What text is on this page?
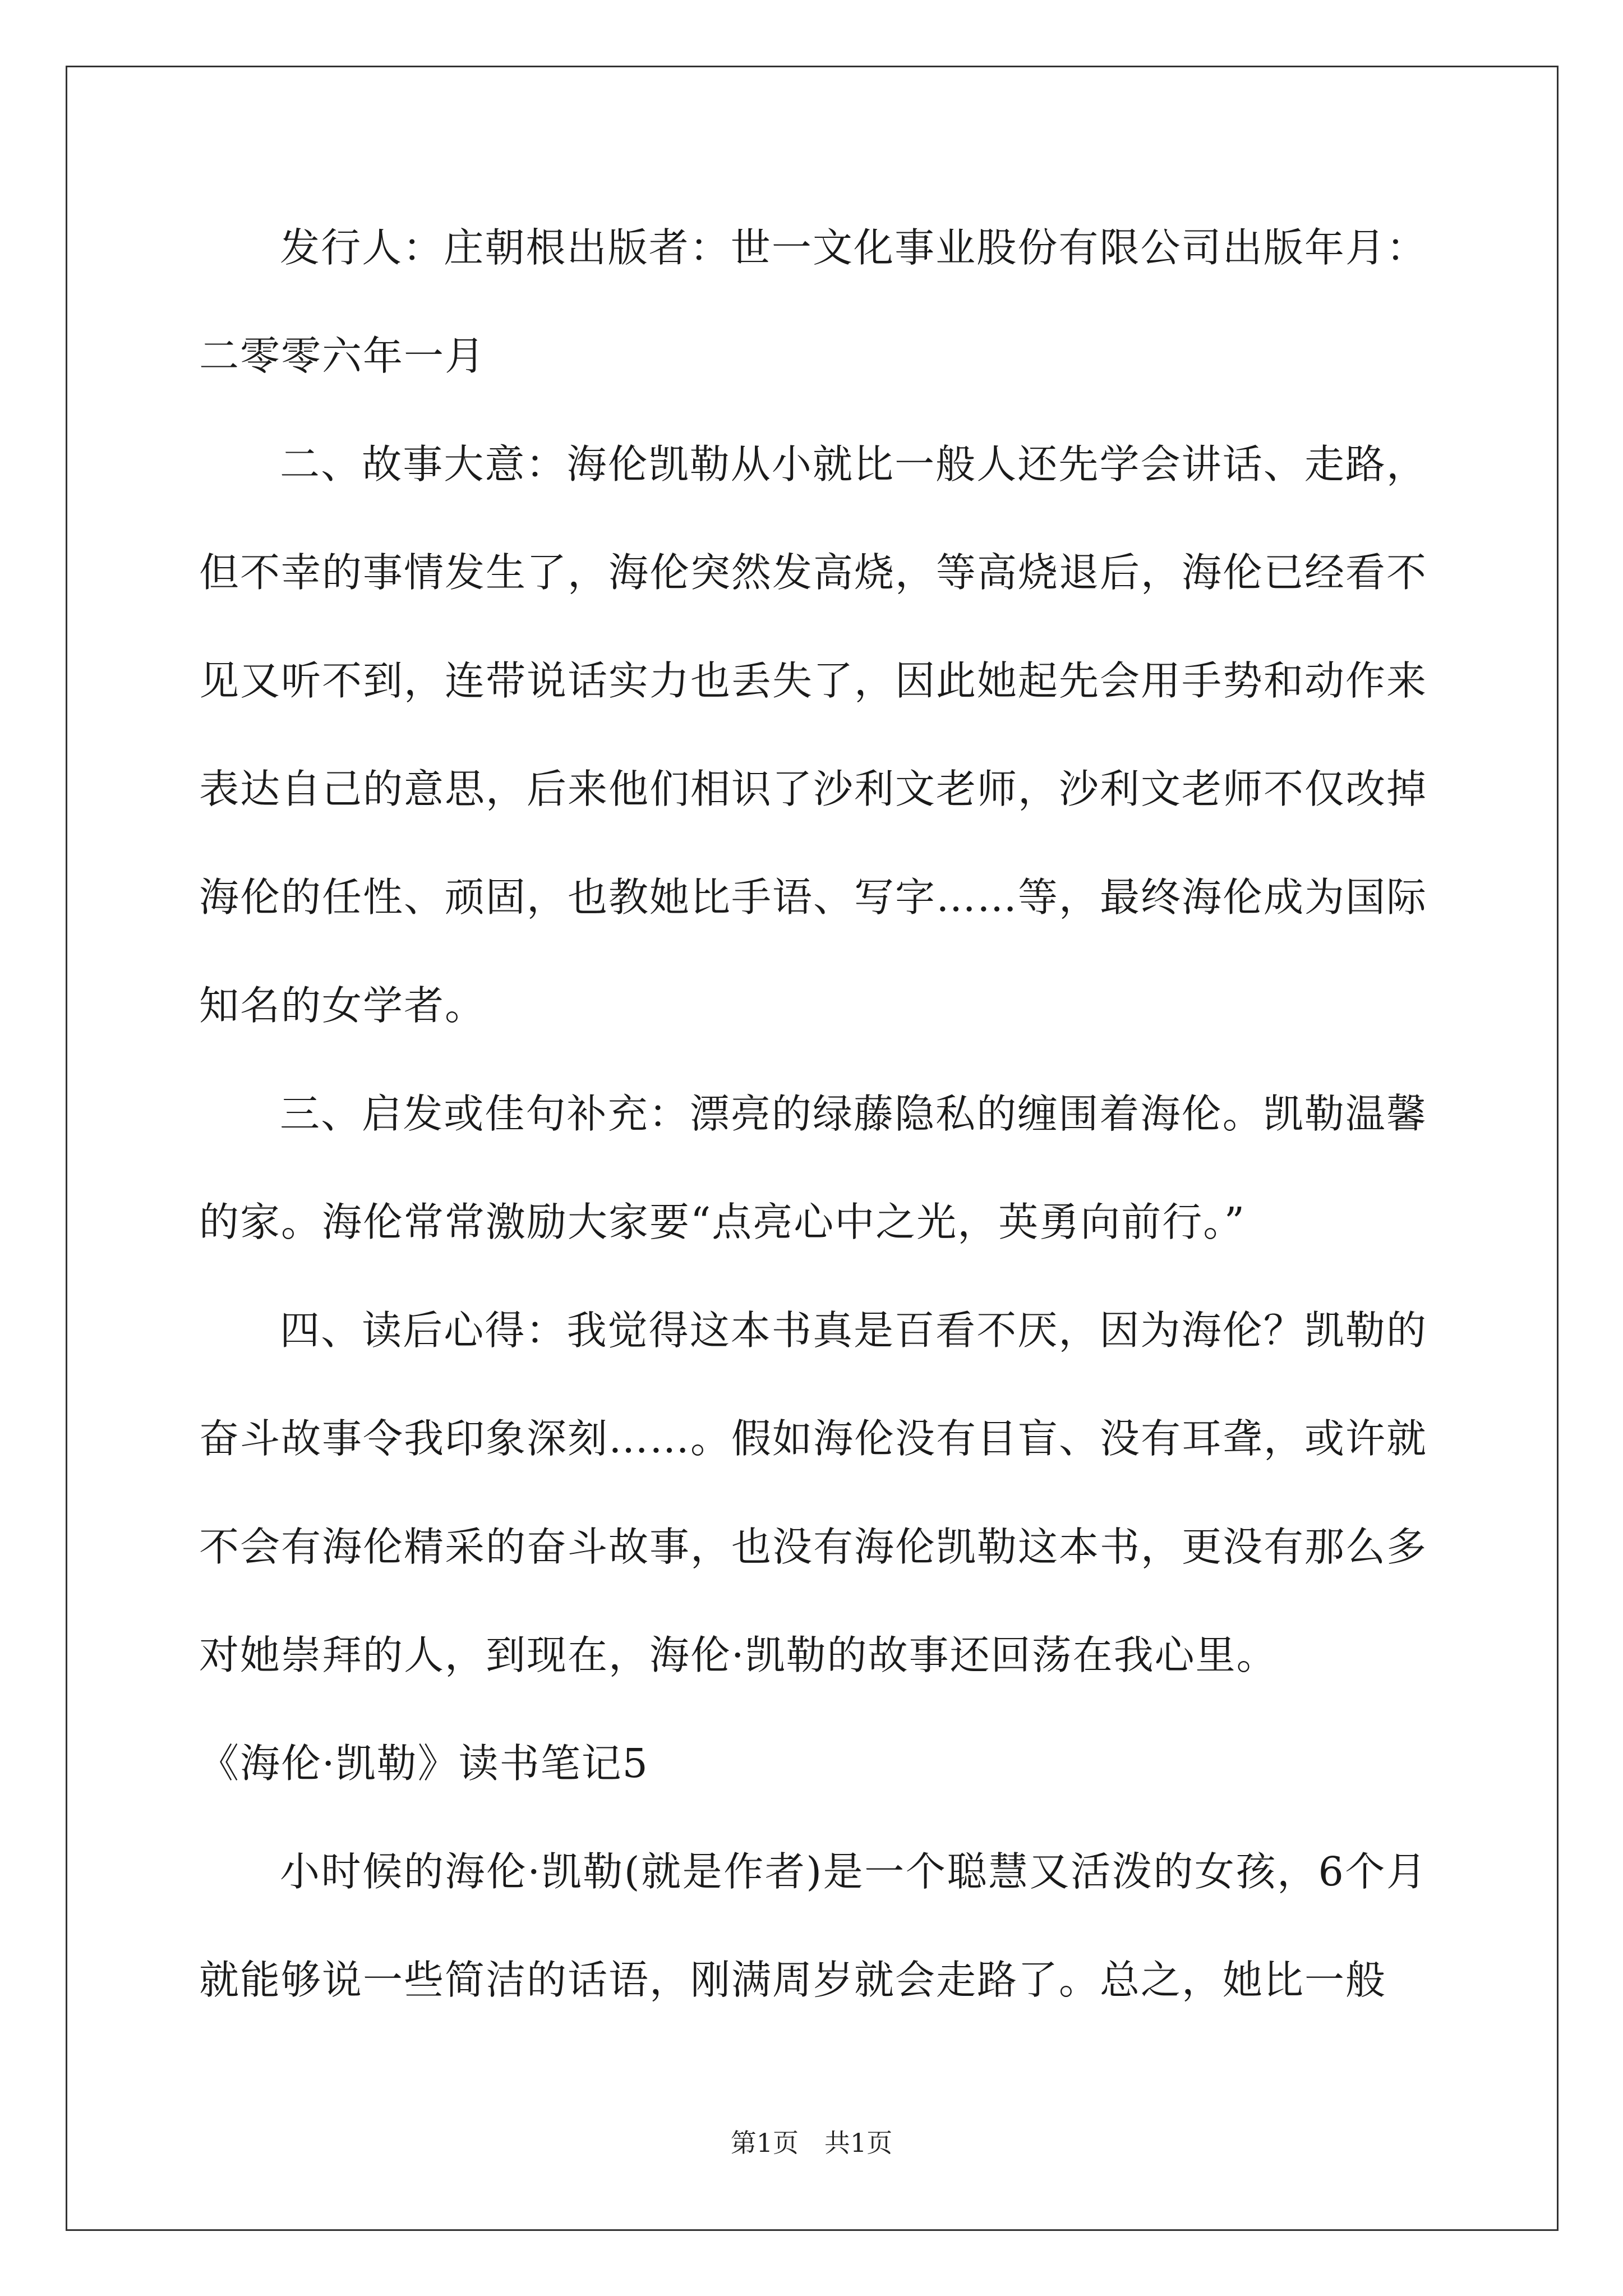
发行人：庄朝根出版者：世一文化事业股份有限公司出版年月：二零零六年一月

二、故事大意：海伦凯勒从小就比一般人还先学会讲话、走路，但不幸的事情发生了，海伦突然发高烧，等高烧退后，海伦已经看不见又听不到，连带说话实力也丢失了，因此她起先会用手势和动作来表达自己的意思，后来他们相识了沙利文老师，沙利文老师不仅改掉海伦的任性、顽固，也教她比手语、写字……等，最终海伦成为国际知名的女学者。

三、启发或佳句补充：漂亮的绿藤隐私的缠围着海伦。凯勒温馨的家。海伦常常激励大家要“点亮心中之光，英勇向前行。”

四、读后心得：我觉得这本书真是百看不厌，因为海伦？凯勒的奋斗故事令我印象深刻……。假如海伦没有目盲、没有耳聋，或许就不会有海伦精采的奋斗故事，也没有海伦凯勒这本书，更没有那么多对她崇拜的人，到现在，海伦·凯勒的故事还回荡在我心里。

《海伦·凯勒》读书笔记5

小时候的海伦·凯勒(就是作者)是一个聪慧又活泼的女孩，6个月就能够说一些简洁的话语，刚满周岁就会走路了。总之，她比一般

第1页　共1页
